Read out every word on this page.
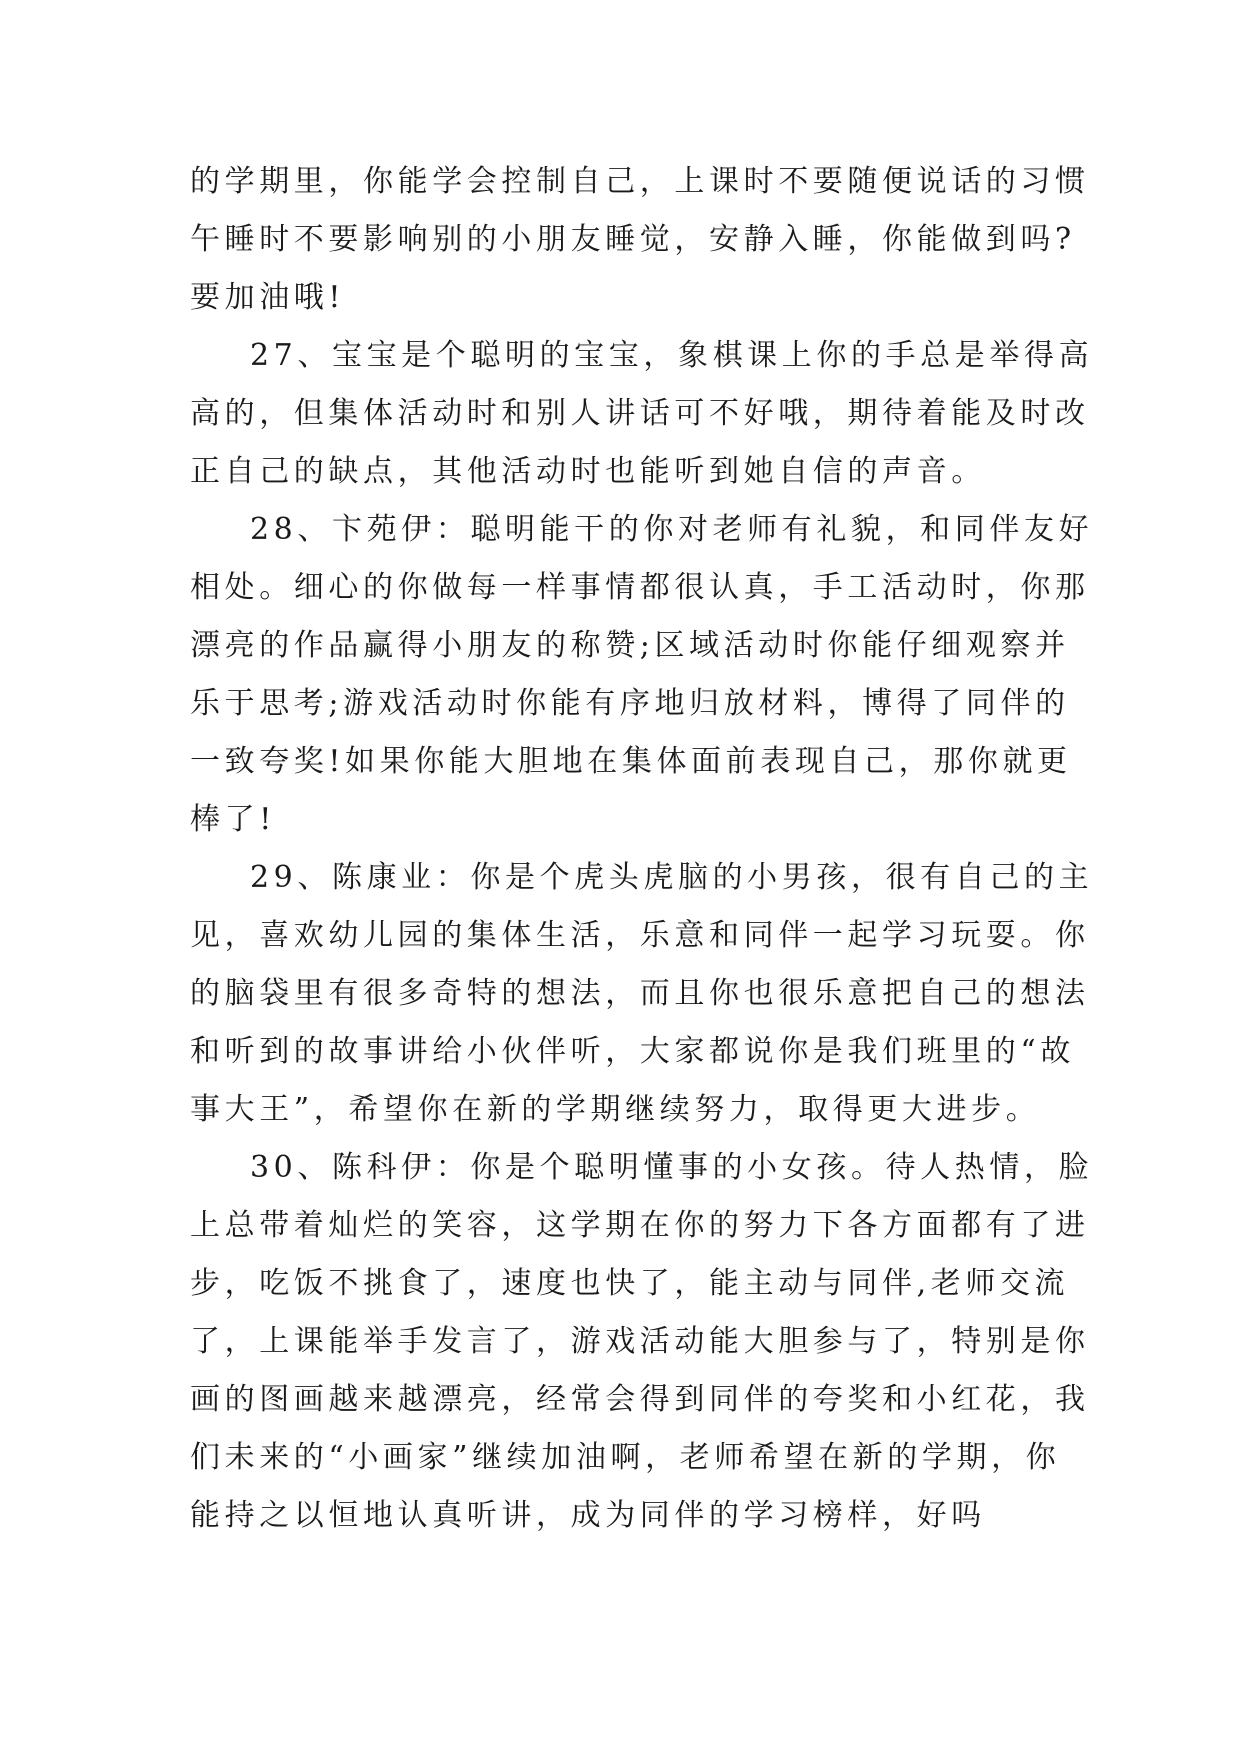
的学期里，你能学会控制自己，上课时不要随便说话的习惯
午睡时不要影响别的小朋友睡觉，安静入睡，你能做到吗?
要加油哦!
27、宝宝是个聪明的宝宝，象棋课上你的手总是举得高
高的，但集体活动时和别人讲话可不好哦，期待着能及时改
正自己的缺点，其他活动时也能听到她自信的声音。
28、卞苑伊：聪明能干的你对老师有礼貌，和同伴友好
相处。细心的你做每一样事情都很认真，手工活动时，你那
漂亮的作品赢得小朋友的称赞;区域活动时你能仔细观察并
乐于思考;游戏活动时你能有序地归放材料，博得了同伴的
一致夸奖!如果你能大胆地在集体面前表现自己，那你就更
棒了!
29、陈康业：你是个虎头虎脑的小男孩，很有自己的主
见，喜欢幼儿园的集体生活，乐意和同伴一起学习玩耍。你
的脑袋里有很多奇特的想法，而且你也很乐意把自己的想法
和听到的故事讲给小伙伴听，大家都说你是我们班里的“故
事大王”，希望你在新的学期继续努力，取得更大进步。
30、陈科伊：你是个聪明懂事的小女孩。待人热情，脸
上总带着灿烂的笑容，这学期在你的努力下各方面都有了进
步，吃饭不挑食了，速度也快了，能主动与同伴,老师交流
了，上课能举手发言了，游戏活动能大胆参与了，特别是你
画的图画越来越漂亮，经常会得到同伴的夸奖和小红花，我
们未来的“小画家”继续加油啊，老师希望在新的学期，你
能持之以恒地认真听讲，成为同伴的学习榜样，好吗
